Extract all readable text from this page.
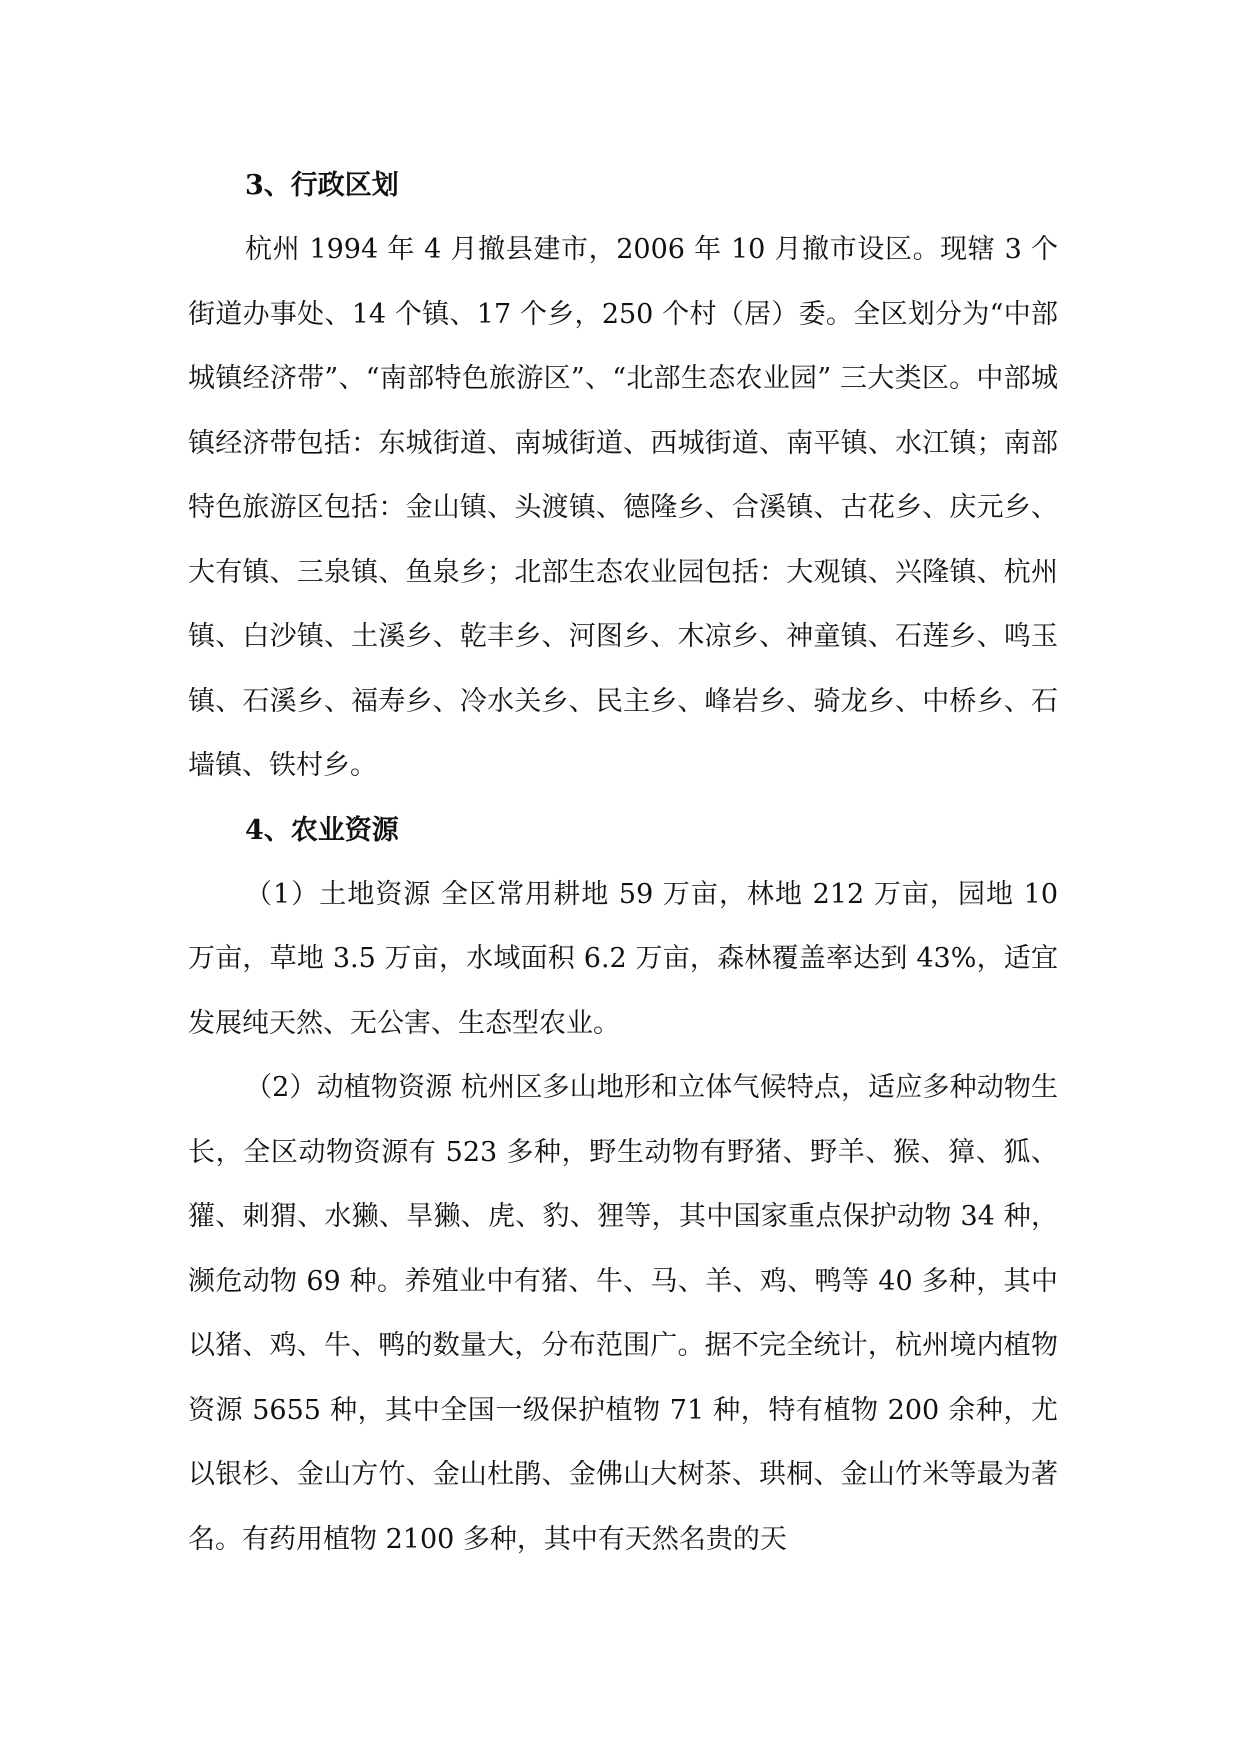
3、行政区划

杭州 1994 年 4 月撤县建市，2006 年 10 月撤市设区。现辖 3 个街道办事处、14 个镇、17 个乡，250 个村（居）委。全区划分为“中部城镇经济带”、“南部特色旅游区”、“北部生态农业园” 三大类区。中部城镇经济带包括：东城街道、南城街道、西城街道、南平镇、水江镇；南部特色旅游区包括：金山镇、头渡镇、德隆乡、合溪镇、古花乡、庆元乡、大有镇、三泉镇、鱼泉乡；北部生态农业园包括：大观镇、兴隆镇、杭州镇、白沙镇、土溪乡、乾丰乡、河图乡、木凉乡、神童镇、石莲乡、鸣玉镇、石溪乡、福寿乡、冷水关乡、民主乡、峰岩乡、骑龙乡、中桥乡、石墙镇、铁村乡。

4、农业资源

（1）土地资源 全区常用耕地 59 万亩，林地 212 万亩，园地 10 万亩，草地 3.5 万亩，水域面积 6.2 万亩，森林覆盖率达到 43%，适宜发展纯天然、无公害、生态型农业。

（2）动植物资源 杭州区多山地形和立体气候特点，适应多种动物生长，全区动物资源有 523 多种，野生动物有野猪、野羊、猴、獐、狐、獾、刺猬、水獭、旱獭、虎、豹、狸等，其中国家重点保护动物 34 种，濒危动物 69 种。养殖业中有猪、牛、马、羊、鸡、鸭等 40 多种，其中以猪、鸡、牛、鸭的数量大，分布范围广。据不完全统计，杭州境内植物资源 5655 种，其中全国一级保护植物 71 种，特有植物 200 余种，尤以银杉、金山方竹、金山杜鹃、金佛山大树茶、珙桐、金山竹米等最为著名。有药用植物 2100 多种，其中有天然名贵的天
